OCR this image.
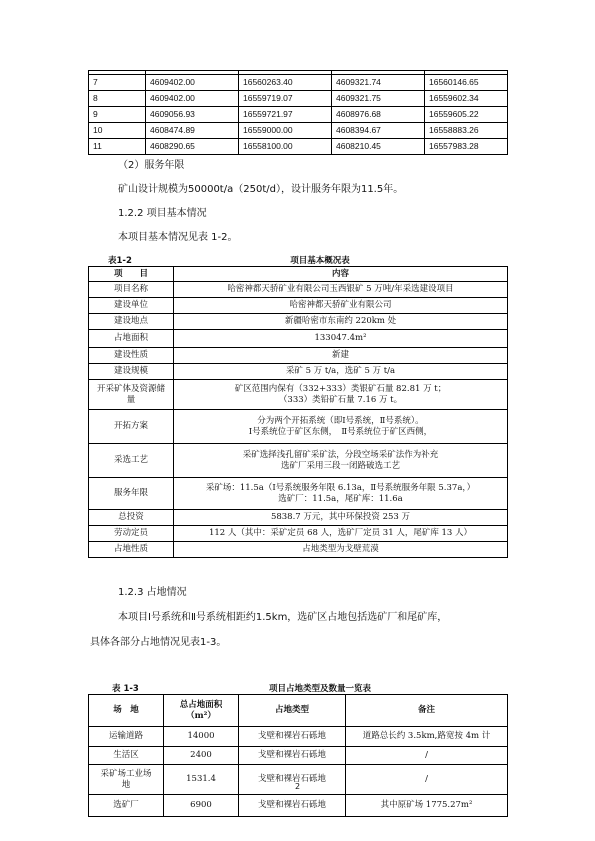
7	4609402.00	16560263.40	4609321.74	16560146.65
8	4609402.00	16559719.07	4609321.75	16559602.34
9	4609056.93	16559721.97	4608976.68	16559605.22
10	4608474.89	16559000.00	4608394.67	16558883.26
11	4608290.65	16558100.00	4608210.45	16557983.28
（2）服务年限
矿山设计规模为50000t/a（250t/d），设计服务年限为11.5年。
1.2.2 项目基本情况
本项目基本情况见表 1-2。
表1-2	项目基本概况表
项　　目	内容
项目名称	哈密神都天骄矿业有限公司玉西银矿 5 万吨/年采选建设项目
建设单位	哈密神都天骄矿业有限公司
建设地点	新疆哈密市东南约 220km 处
占地面积	133047.4m²
建设性质	新建
建设规模	采矿 5 万 t/a，选矿 5 万 t/a
开采矿体及资源储量	矿区范围内保有（332+333）类银矿石量 82.81 万 t；
（333）类铅矿石量 7.16 万 t。

开拓方案	分为两个开拓系统（即Ⅰ号系统，Ⅱ号系统）。
Ⅰ号系统位于矿区东侧，　Ⅱ号系统位于矿区西侧，

采选工艺	采矿选择浅孔留矿采矿法，分段空场采矿法作为补充
选矿厂采用三段一闭路破选工艺

服务年限	采矿场：11.5a（Ⅰ号系统服务年限 6.13a，Ⅱ号系统服务年限 5.37a，）
选矿厂：11.5a，尾矿库：11.6a

总投资	5838.7 万元，其中环保投资 253 万
劳动定员	112 人（其中：采矿定员 68 人，选矿厂定员 31 人，尾矿库 13 人）
占地性质	占地类型为戈壁荒漠
1.2.3 占地情况
本项目Ⅰ号系统和Ⅱ号系统相距约1.5km，选矿区占地包括选矿厂和尾矿库，
具体各部分占地情况见表1-3。
表 1-3	项目占地类型及数量一览表
场　地	总占地面积（m²）	占地类型	备注
运输道路	14000	戈壁和裸岩石砾地	道路总长约 3.5km,路宽按 4m 计
生活区	2400	戈壁和裸岩石砾地	/
采矿场工业场地	1531.4	戈壁和裸岩石砾地	/
选矿厂	6900	戈壁和裸岩石砾地	其中原矿场 1775.27m²
2
